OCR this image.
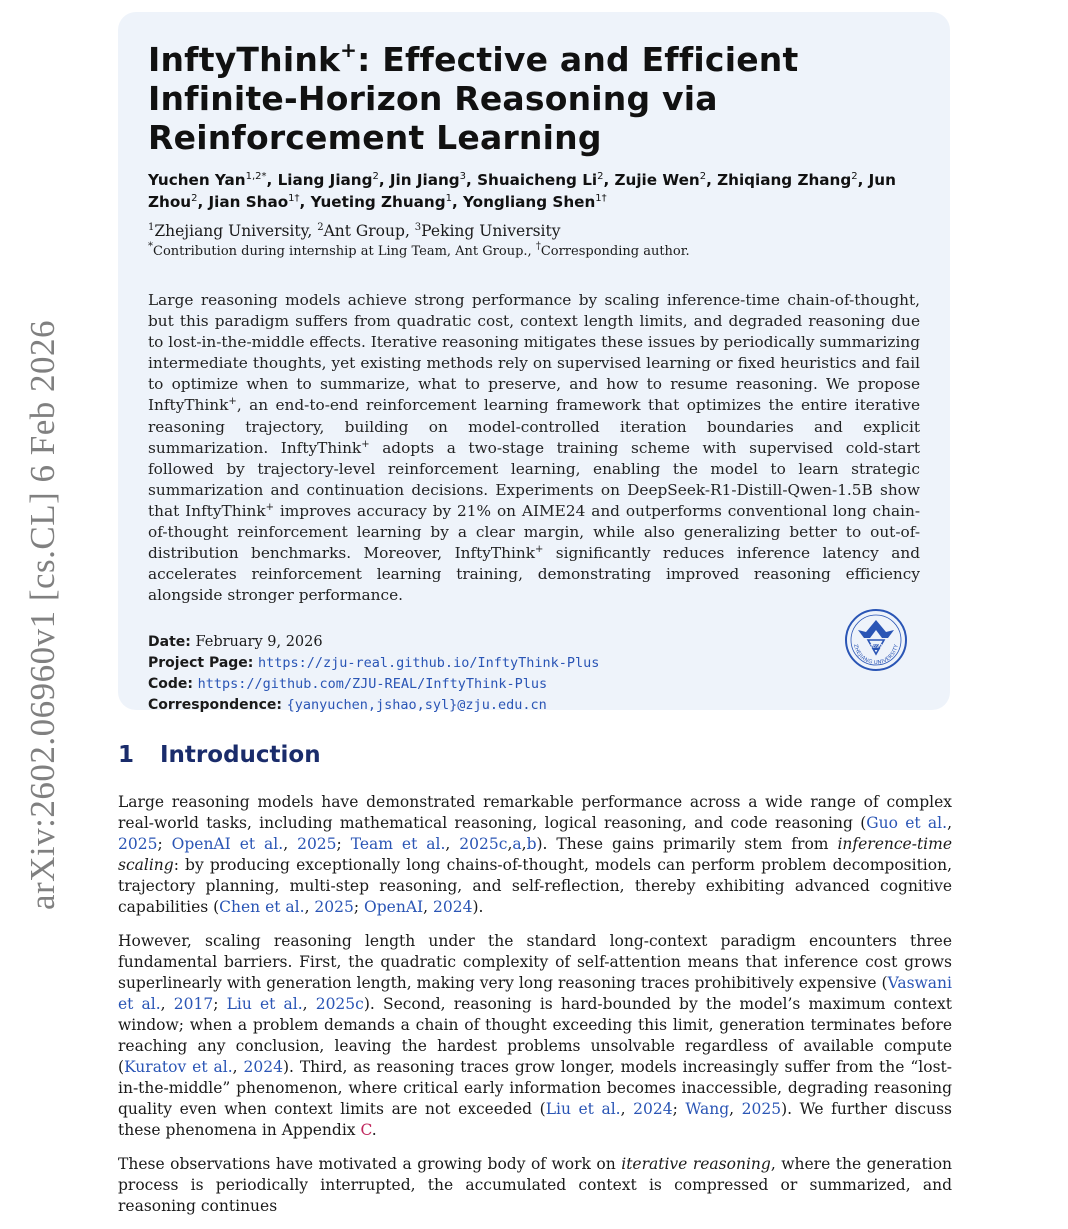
arXiv:2602.06960v1 [cs.CL] 6 Feb 2026
InftyThink+: Effective and Efficient Infinite-Horizon Reasoning via Reinforcement Learning
Yuchen Yan$^{1,2*}$, Liang Jiang$^2$, Jin Jiang$^3$, Shuaicheng Li$^2$, Zujie Wen$^2$, Zhiqiang Zhang$^2$, Jun Zhou$^2$, Jian Shao$^{1\dagger}$, Yueting Zhuang$^1$, Yongliang Shen$^{1\dagger}$
$^1$Zhejiang University, $^2$Ant Group, $^3$Peking University
*Contribution during internship at Ling Team, Ant Group., †Corresponding author.
Large reasoning models achieve strong performance by scaling inference-time chain-of-thought, but this paradigm suffers from quadratic cost, context length limits, and degraded reasoning due to lost-in-the-middle effects. Iterative reasoning mitigates these issues by periodically summarizing intermediate thoughts, yet existing methods rely on supervised learning or fixed heuristics and fail to optimize when to summarize, what to preserve, and how to resume reasoning. We propose InftyThink+, an end-to-end reinforcement learning framework that optimizes the entire iterative reasoning trajectory, building on model-controlled iteration boundaries and explicit summarization. InftyThink+ adopts a two-stage training scheme with supervised cold-start followed by trajectory-level reinforcement learning, enabling the model to learn strategic summarization and continuation decisions. Experiments on DeepSeek-R1-Distill-Qwen-1.5B show that InftyThink+ improves accuracy by 21% on AIME24 and outperforms conventional long chain-of-thought reinforcement learning by a clear margin, while also generalizing better to out-of-distribution benchmarks. Moreover, InftyThink+ significantly reduces inference latency and accelerates reinforcement learning training, demonstrating improved reasoning efficiency alongside stronger performance.
Date: February 9, 2026
Project Page: https://zju-real.github.io/InftyThink-Plus
Code: https://github.com/ZJU-REAL/InftyThink-Plus
Correspondence: {yanyuchen,jshao,syl}@zju.edu.cn
1897
ZHEJIANG UNIVERSITY
1 Introduction

Large reasoning models have demonstrated remarkable performance across a wide range of complex real-world tasks, including mathematical reasoning, logical reasoning, and code reasoning (Guo et al., 2025; OpenAI et al., 2025; Team et al., 2025c,a,b). These gains primarily stem from inference-time scaling: by producing exceptionally long chains-of-thought, models can perform problem decomposition, trajectory planning, multi-step reasoning, and self-reflection, thereby exhibiting advanced cognitive capabilities (Chen et al., 2025; OpenAI, 2024).

However, scaling reasoning length under the standard long-context paradigm encounters three fundamental barriers. First, the quadratic complexity of self-attention means that inference cost grows superlinearly with generation length, making very long reasoning traces prohibitively expensive (Vaswani et al., 2017; Liu et al., 2025c). Second, reasoning is hard-bounded by the model’s maximum context window; when a problem demands a chain of thought exceeding this limit, generation terminates before reaching any conclusion, leaving the hardest problems unsolvable regardless of available compute (Kuratov et al., 2024). Third, as reasoning traces grow longer, models increasingly suffer from the “lost-in-the-middle” phenomenon, where critical early information becomes inaccessible, degrading reasoning quality even when context limits are not exceeded (Liu et al., 2024; Wang, 2025). We further discuss these phenomena in Appendix C.

These observations have motivated a growing body of work on iterative reasoning, where the generation process is periodically interrupted, the accumulated context is compressed or summarized, and reasoning continues
